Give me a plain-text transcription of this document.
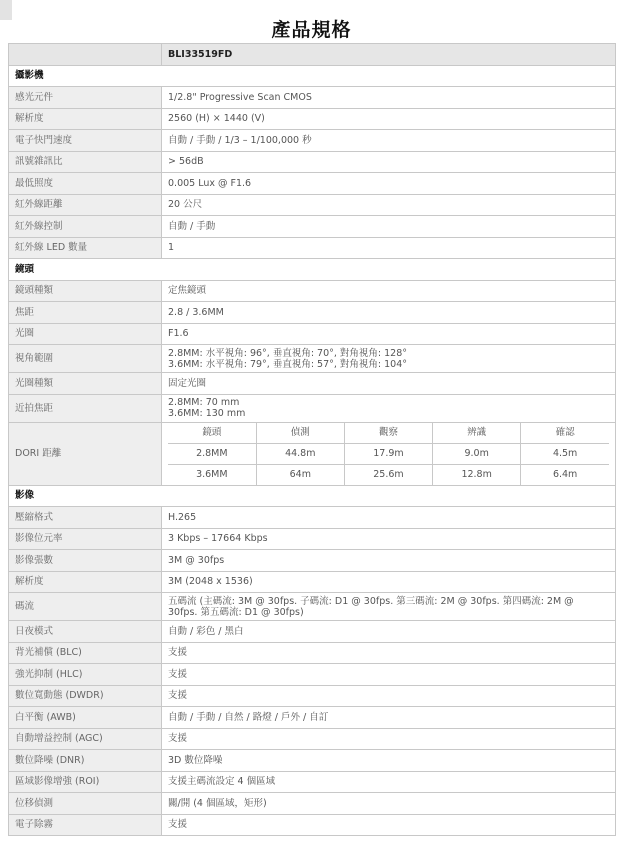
產品規格
	BLI33519FD
攝影機
感光元件	1/2.8" Progressive Scan CMOS
解析度	2560 (H) × 1440 (V)
電子快門速度	自動 / 手動 / 1/3 – 1/100,000 秒
訊號雜訊比	> 56dB
最低照度	0.005 Lux @ F1.6
紅外線距離	20 公尺
紅外線控制	自動 / 手動
紅外線 LED 數量	1
鏡頭
鏡頭種類	定焦鏡頭
焦距	2.8 / 3.6MM
光圈	F1.6
視角範圍	2.8MM: 水平視角: 96°, 垂直視角: 70°, 對角視角: 128°
3.6MM: 水平視角: 79°, 垂直視角: 57°, 對角視角: 104°

光圈種類	固定光圈
近拍焦距	2.8MM: 70 mm
3.6MM: 130 mm

DORI 距離	
鏡頭	偵測	觀察	辨識	確認
2.8MM	44.8m	17.9m	9.0m	4.5m
3.6MM	64m	25.6m	12.8m	6.4m

影像
壓縮格式	H.265
影像位元率	3 Kbps – 17664 Kbps
影像張數	3M @ 30fps
解析度	3M (2048 x 1536)
碼流	五碼流 (主碼流: 3M @ 30fps. 子碼流: D1 @ 30fps. 第三碼流: 2M @ 30fps. 第四碼流: 2M @
30fps. 第五碼流: D1 @ 30fps)

日夜模式	自動 / 彩色 / 黑白
背光補償 (BLC)	支援
強光抑制 (HLC)	支援
數位寬動態 (DWDR)	支援
白平衡 (AWB)	自動 / 手動 / 自然 / 路燈 / 戶外 / 自訂
自動增益控制 (AGC)	支援
數位降噪 (DNR)	3D 數位降噪
區域影像增強 (ROI)	支援主碼流設定 4 個區域
位移偵測	關/開 (4 個區域，矩形)
電子除霧	支援
